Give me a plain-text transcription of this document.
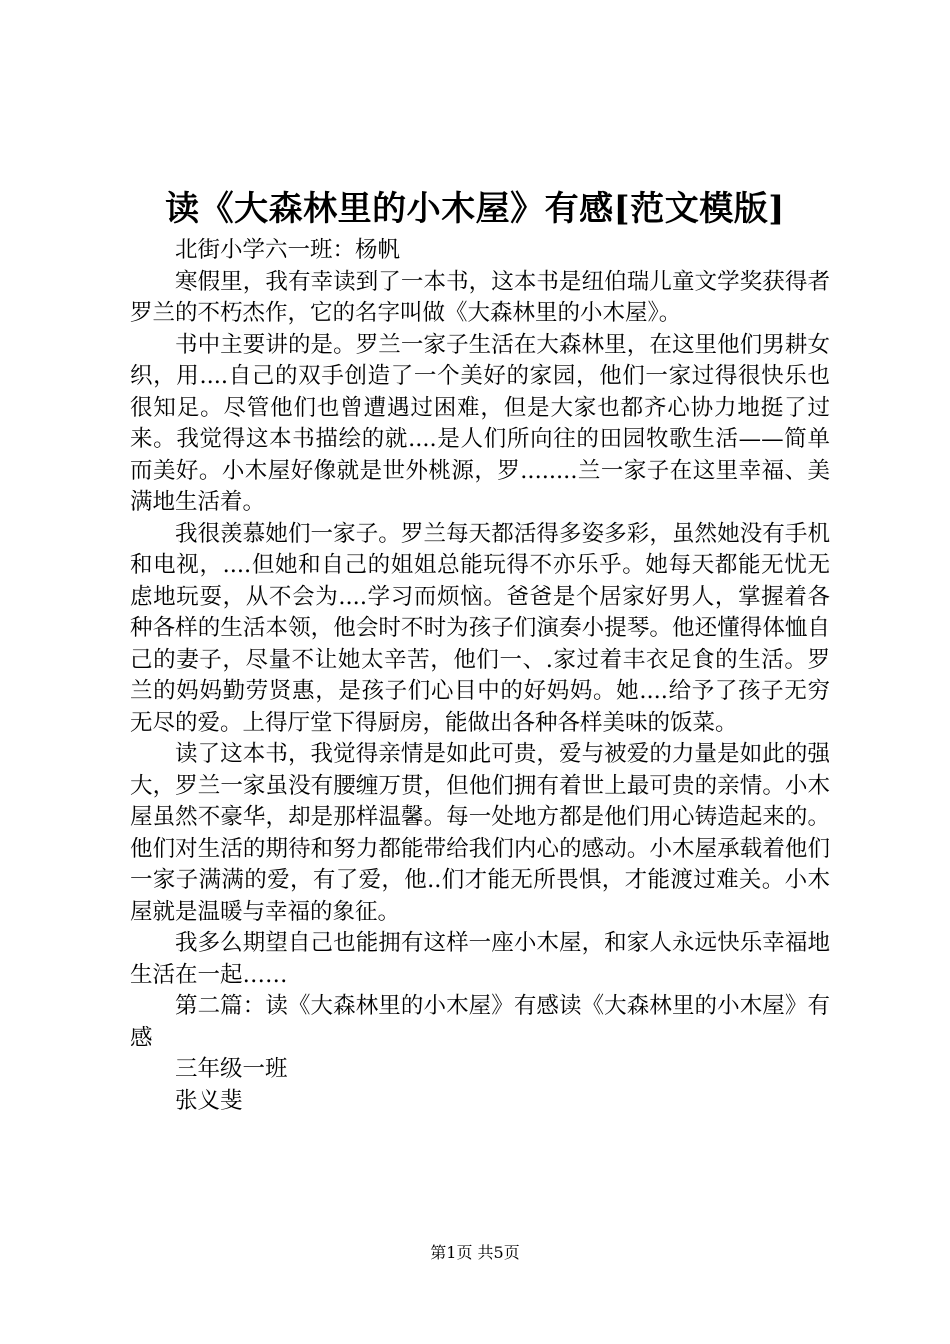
读《大森林里的小木屋》有感[范文模版]

北街小学六一班：杨帆

寒假里，我有幸读到了一本书，这本书是纽伯瑞儿童文学奖获得者罗兰的不朽杰作，它的名字叫做《大森林里的小木屋》。

书中主要讲的是。罗兰一家子生活在大森林里，在这里他们男耕女织，用....自己的双手创造了一个美好的家园，他们一家过得很快乐也很知足。尽管他们也曾遭遇过困难，但是大家也都齐心协力地挺了过来。我觉得这本书描绘的就....是人们所向往的田园牧歌生活——简单而美好。小木屋好像就是世外桃源，罗........兰一家子在这里幸福、美满地生活着。

我很羡慕她们一家子。罗兰每天都活得多姿多彩，虽然她没有手机和电视，....但她和自己的姐姐总能玩得不亦乐乎。她每天都能无忧无虑地玩耍，从不会为....学习而烦恼。爸爸是个居家好男人，掌握着各种各样的生活本领，他会时不时为孩子们演奏小提琴。他还懂得体恤自己的妻子，尽量不让她太辛苦，他们一、.家过着丰衣足食的生活。罗兰的妈妈勤劳贤惠，是孩子们心目中的好妈妈。她....给予了孩子无穷无尽的爱。上得厅堂下得厨房，能做出各种各样美味的饭菜。

读了这本书，我觉得亲情是如此可贵，爱与被爱的力量是如此的强大，罗兰一家虽没有腰缠万贯，但他们拥有着世上最可贵的亲情。小木屋虽然不豪华，却是那样温馨。每一处地方都是他们用心铸造起来的。他们对生活的期待和努力都能带给我们内心的感动。小木屋承载着他们一家子满满的爱，有了爱，他..们才能无所畏惧，才能渡过难关。小木屋就是温暖与幸福的象征。

我多么期望自己也能拥有这样一座小木屋，和家人永远快乐幸福地生活在一起……

第二篇：读《大森林里的小木屋》有感读《大森林里的小木屋》有感

三年级一班

张义斐

第1页 共5页
